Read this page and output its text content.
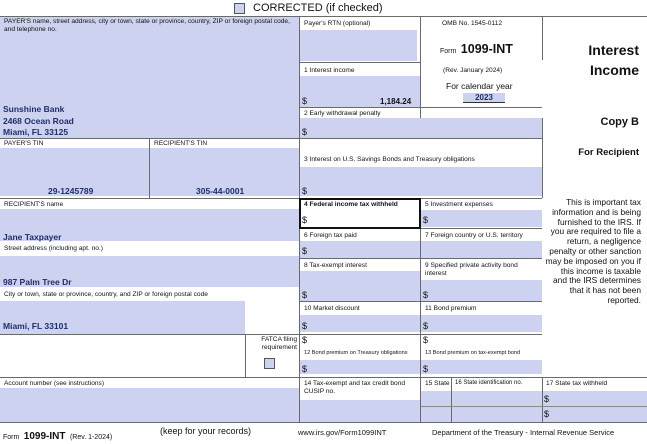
CORRECTED (if checked)
PAYER'S name, street address, city or town, state or province, country, ZIP or foreign postal code, and telephone no.
Sunshine Bank
2468 Ocean Road
Miami, FL 33125
Payer's RTN (optional)	OMB No. 1545-0112
Form 1099-INT
(Rev. January 2024)
For calendar year
2023
Interest
Income
1 Interest income
$	1,184.24
2 Early withdrawal penalty
$
Copy B
For Recipient
PAYER'S TIN
29-1245789
RECIPIENT'S TIN
305-44-0001
3 Interest on U.S. Savings Bonds and Treasury obligations
$
This is important tax information and is being furnished to the IRS. If you are required to file a return, a negligence penalty or other sanction may be imposed on you if this income is taxable and the IRS determines that it has not been reported.
RECIPIENT'S name
Jane Taxpayer
Street address (including apt. no.)
987 Palm Tree Dr
City or town, state or province, country, and ZIP or foreign postal code
Miami, FL 33101
4 Federal income tax withheld
$
5 Investment expenses
$
6 Foreign tax paid
$
7 Foreign country or U.S. territory
8 Tax-exempt interest
$
9 Specified private activity bond interest
$
10 Market discount
$
11 Bond premium
$
FATCA filing requirement
$
12 Bond premium on Treasury obligations
$
$
13 Bond premium on tax-exempt bond
$
Account number (see instructions)	14 Tax-exempt and tax credit bond CUSIP no.
15 State 16 State identification no.	17 State tax withheld
$
$
Form 1099-INT (Rev. 1-2024)
(keep for your records)	www.irs.gov/Form1099INT	Department of the Treasury - Internal Revenue Service
